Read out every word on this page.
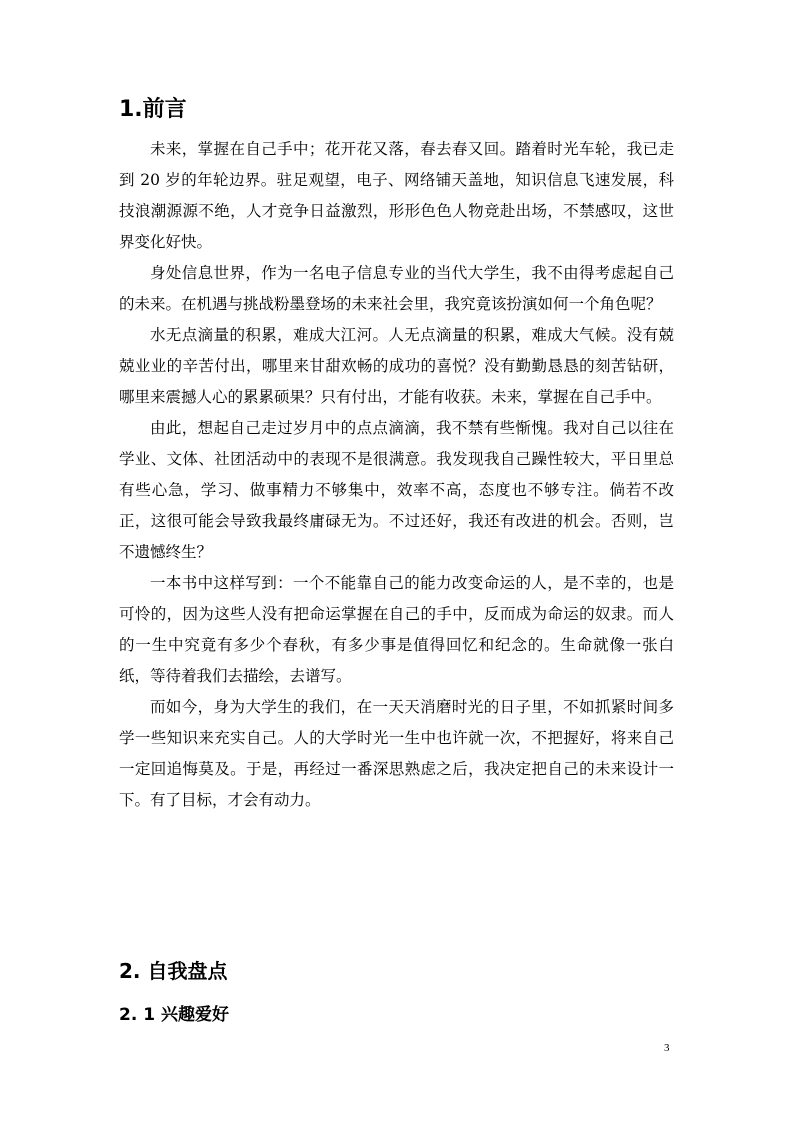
1.前言

未来，掌握在自己手中；花开花又落，春去春又回。踏着时光车轮，我已走到 20 岁的年轮边界。驻足观望，电子、网络铺天盖地，知识信息飞速发展，科技浪潮源源不绝，人才竞争日益激烈，形形色色人物竞赴出场，不禁感叹，这世界变化好快。

身处信息世界，作为一名电子信息专业的当代大学生，我不由得考虑起自己的未来。在机遇与挑战粉墨登场的未来社会里，我究竟该扮演如何一个角色呢？

水无点滴量的积累，难成大江河。人无点滴量的积累，难成大气候。没有兢兢业业的辛苦付出，哪里来甘甜欢畅的成功的喜悦？没有勤勤恳恳的刻苦钻研，哪里来震撼人心的累累硕果？只有付出，才能有收获。未来，掌握在自己手中。

由此，想起自己走过岁月中的点点滴滴，我不禁有些惭愧。我对自己以往在学业、文体、社团活动中的表现不是很满意。我发现我自己躁性较大，平日里总有些心急，学习、做事精力不够集中，效率不高，态度也不够专注。倘若不改正，这很可能会导致我最终庸碌无为。不过还好，我还有改进的机会。否则，岂不遗憾终生？

一本书中这样写到：一个不能靠自己的能力改变命运的人，是不幸的，也是可怜的，因为这些人没有把命运掌握在自己的手中，反而成为命运的奴隶。而人的一生中究竟有多少个春秋，有多少事是值得回忆和纪念的。生命就像一张白纸，等待着我们去描绘，去谱写。

而如今，身为大学生的我们，在一天天消磨时光的日子里，不如抓紧时间多学一些知识来充实自己。人的大学时光一生中也许就一次，不把握好，将来自己一定回追悔莫及。于是，再经过一番深思熟虑之后，我决定把自己的未来设计一下。有了目标，才会有动力。

2. 自我盘点
2. 1 兴趣爱好
3
